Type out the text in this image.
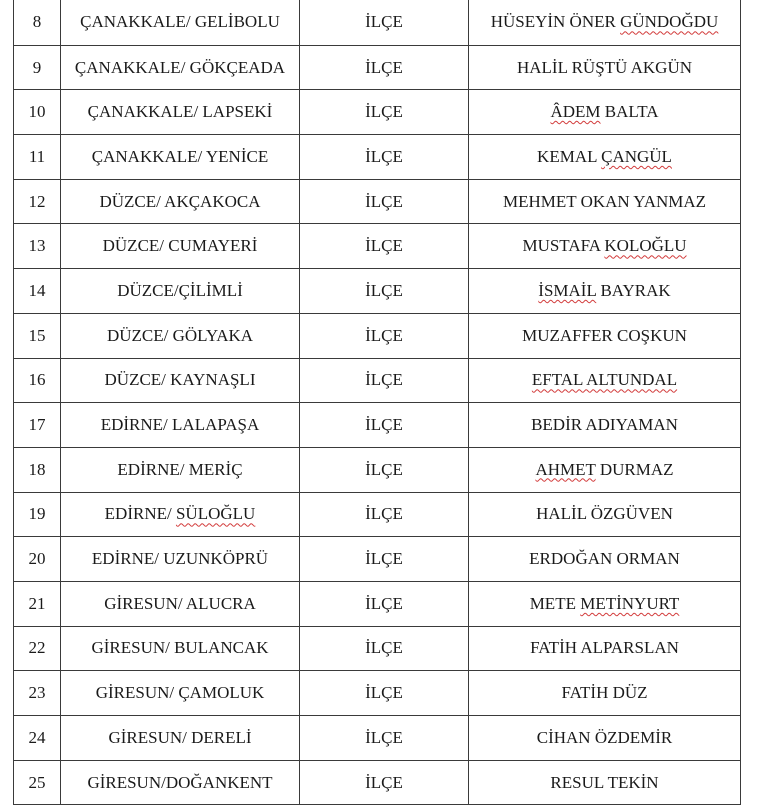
8	ÇANAKKALE/ GELİBOLU	İLÇE	HÜSEYİN ÖNER GÜNDOĞDU
9	ÇANAKKALE/ GÖKÇEADA	İLÇE	HALİL RÜŞTÜ AKGÜN
10	ÇANAKKALE/ LAPSEKİ	İLÇE	ÂDEM BALTA
11	ÇANAKKALE/ YENİCE	İLÇE	KEMAL ÇANGÜL
12	DÜZCE/ AKÇAKOCA	İLÇE	MEHMET OKAN YANMAZ
13	DÜZCE/ CUMAYERİ	İLÇE	MUSTAFA KOLOĞLU
14	DÜZCE/ÇİLİMLİ	İLÇE	İSMAİL BAYRAK
15	DÜZCE/ GÖLYAKA	İLÇE	MUZAFFER COŞKUN
16	DÜZCE/ KAYNAŞLI	İLÇE	EFTAL ALTUNDAL
17	EDİRNE/ LALAPAŞA	İLÇE	BEDİR ADIYAMAN
18	EDİRNE/ MERİÇ	İLÇE	AHMET DURMAZ
19	EDİRNE/ SÜLOĞLU	İLÇE	HALİL ÖZGÜVEN
20	EDİRNE/ UZUNKÖPRÜ	İLÇE	ERDOĞAN ORMAN
21	GİRESUN/ ALUCRA	İLÇE	METE METİNYURT
22	GİRESUN/ BULANCAK	İLÇE	FATİH ALPARSLAN
23	GİRESUN/ ÇAMOLUK	İLÇE	FATİH DÜZ
24	GİRESUN/ DERELİ	İLÇE	CİHAN ÖZDEMİR
25	GİRESUN/DOĞANKENT	İLÇE	RESUL TEKİN
